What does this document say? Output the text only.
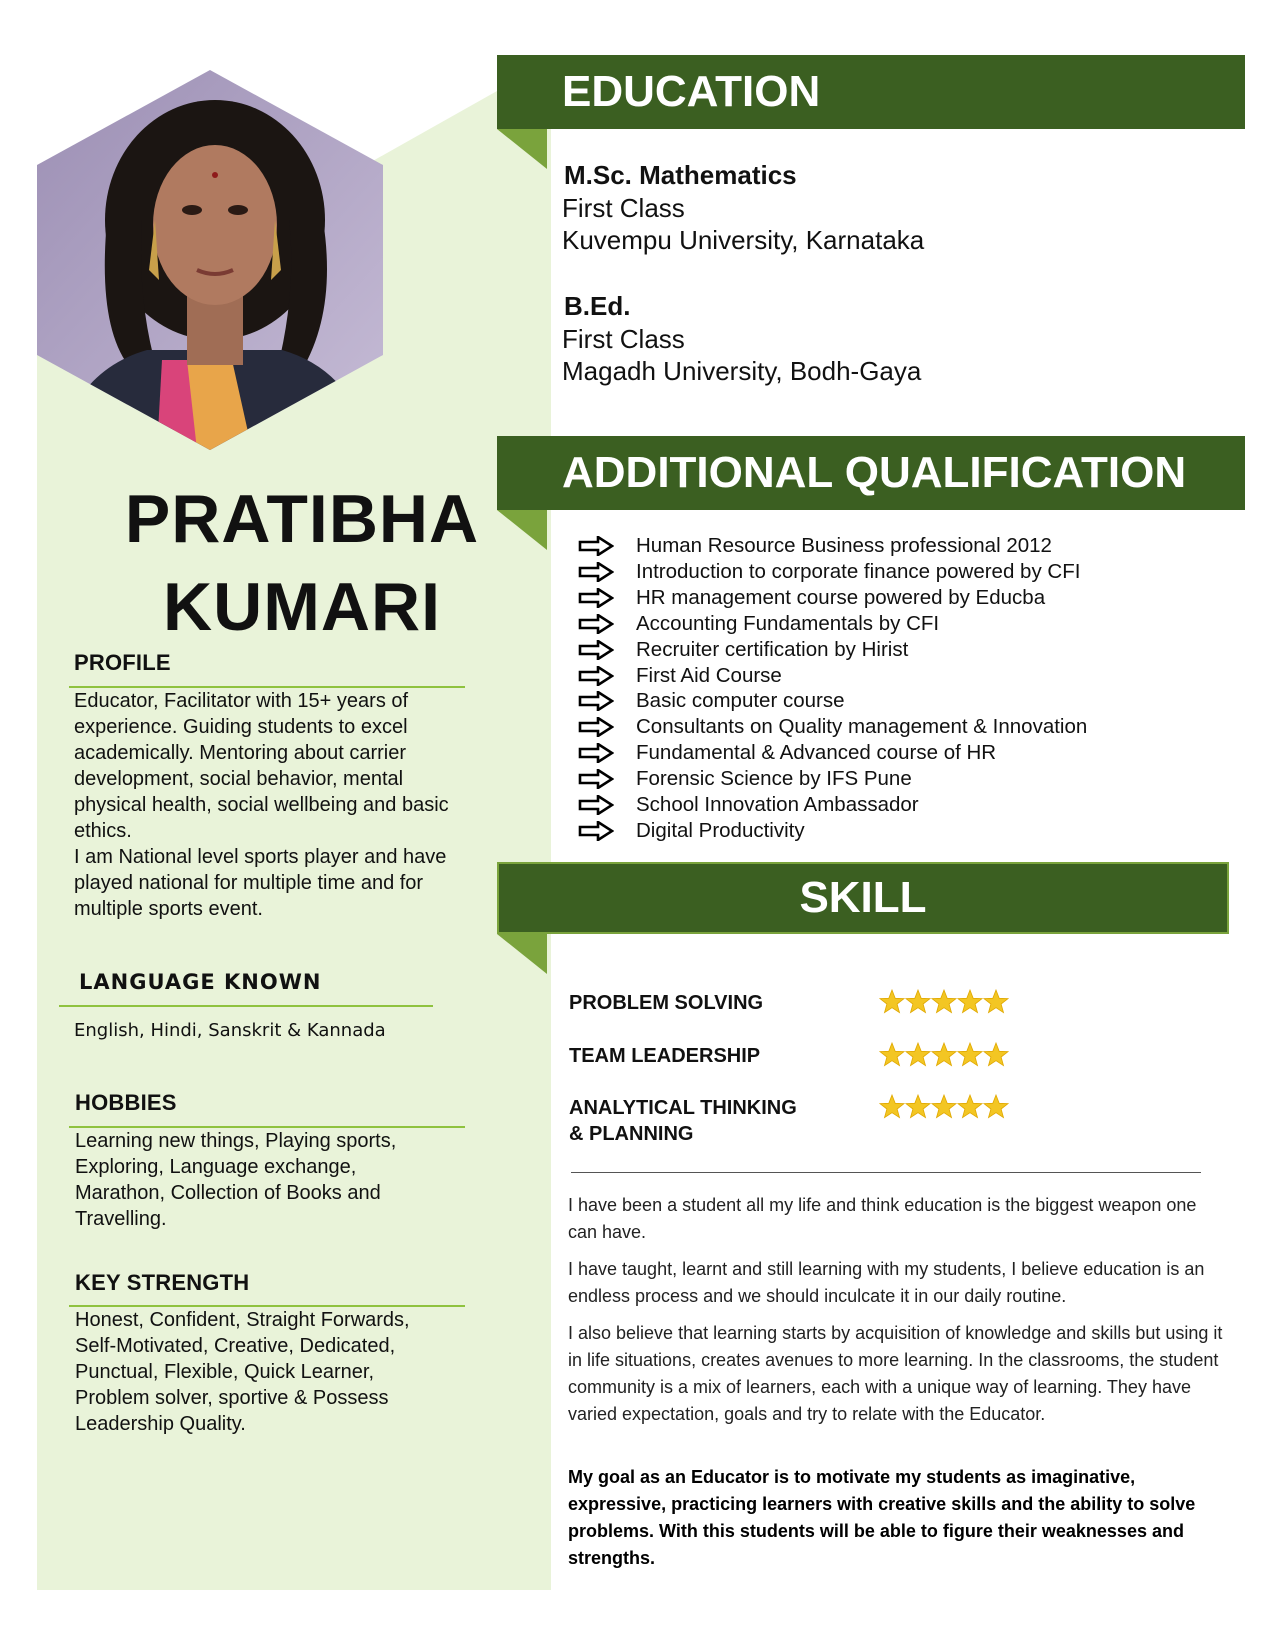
PRATIBHA
KUMARI
PROFILE
Educator, Facilitator with 15+ years of experience. Guiding students to excel academically. Mentoring about carrier development, social behavior, mental physical health, social wellbeing and basic ethics.
I am National level sports player and have played national for multiple time and for multiple sports event.
LANGUAGE KNOWN
English, Hindi, Sanskrit & Kannada
HOBBIES
Learning new things, Playing sports, Exploring, Language exchange, Marathon, Collection of Books and Travelling.
KEY STRENGTH
Honest, Confident, Straight Forwards, Self-Motivated, Creative, Dedicated, Punctual, Flexible, Quick Learner, Problem solver, sportive & Possess Leadership Quality.
EDUCATION
M.Sc. Mathematics
First Class
Kuvempu University, Karnataka
B.Ed.
First Class
Magadh University, Bodh-Gaya
ADDITIONAL QUALIFICATION
Human Resource Business professional 2012
Introduction to corporate finance powered by CFI
HR management course powered by Educba
Accounting Fundamentals by CFI
Recruiter certification by Hirist
First Aid Course
Basic computer course
Consultants on Quality management & Innovation
Fundamental & Advanced course of HR
Forensic Science by IFS Pune
School Innovation Ambassador
Digital Productivity
SKILL
PROBLEM SOLVING
TEAM LEADERSHIP
ANALYTICAL THINKING
& PLANNING
I have been a student all my life and think education is the biggest weapon one can have.
I have taught, learnt and still learning with my students, I believe education is an endless process and we should inculcate it in our daily routine.
I also believe that learning starts by acquisition of knowledge and skills but using it in life situations, creates avenues to more learning. In the classrooms, the student community is a mix of learners, each with a unique way of learning. They have varied expectation, goals and try to relate with the Educator.
My goal as an Educator is to motivate my students as imaginative, expressive, practicing learners with creative skills and the ability to solve problems. With this students will be able to figure their weaknesses and strengths.
